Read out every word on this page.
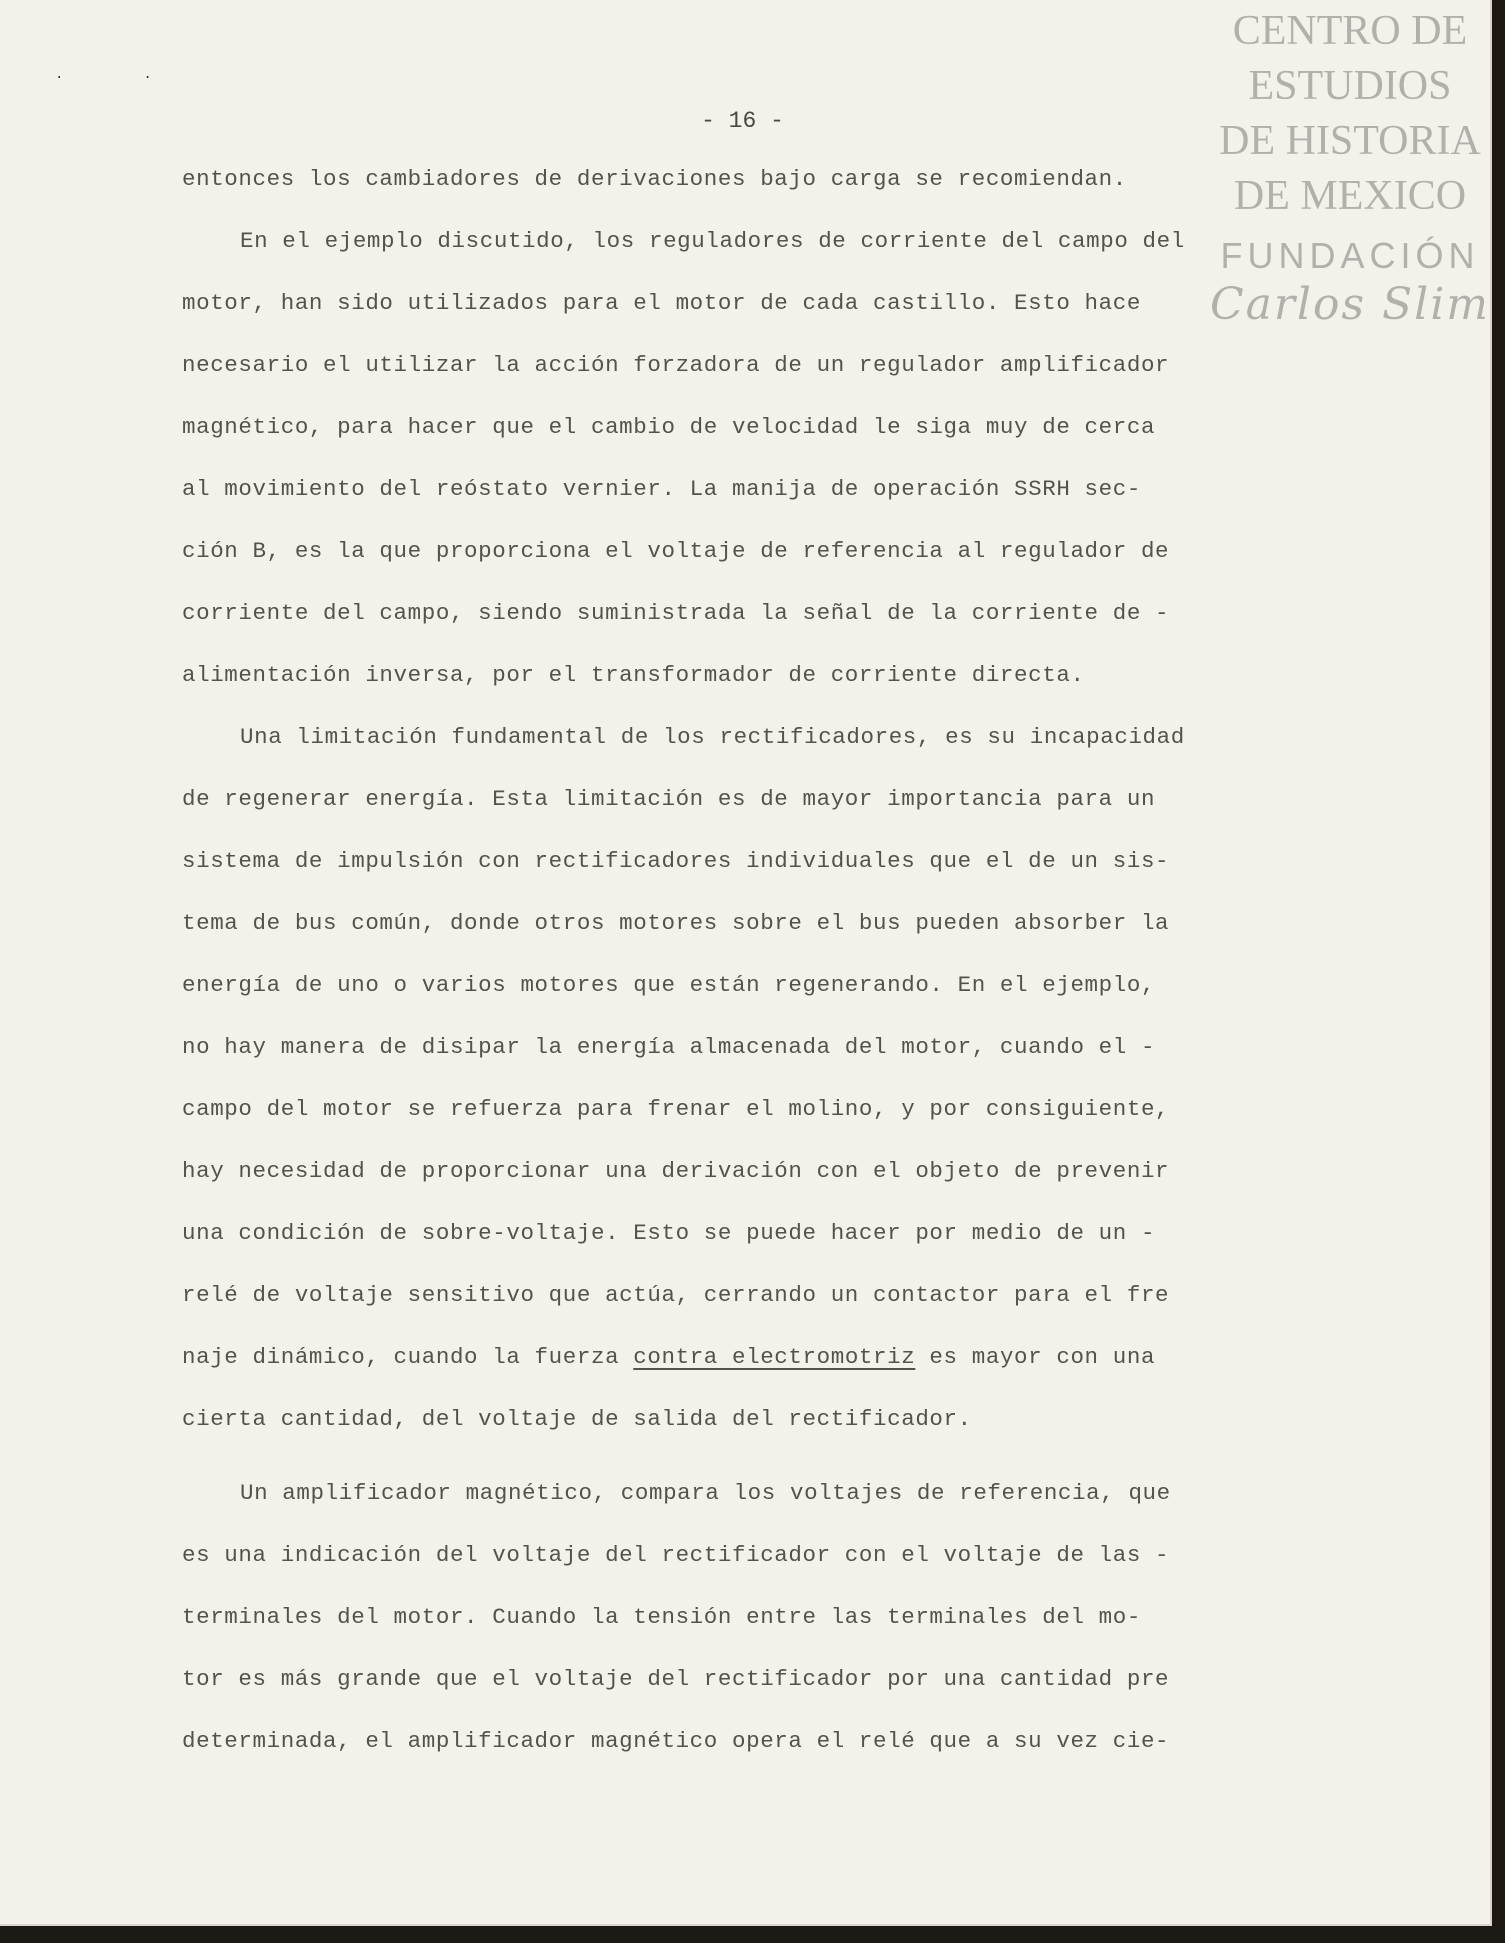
··
CENTRO DE
ESTUDIOS
DE HISTORIA
DE MEXICO
FUNDACIÓN
Carlos Slim
- 16 -
entonces los cambiadores de derivaciones bajo carga se recomiendan.
En el ejemplo discutido, los reguladores de corriente del campo del
motor, han sido utilizados para el motor de cada castillo. Esto hace
necesario el utilizar la acción forzadora de un regulador amplificador
magnético, para hacer que el cambio de velocidad le siga muy de cerca
al movimiento del reóstato vernier. La manija de operación SSRH sec-
ción B, es la que proporciona el voltaje de referencia al regulador de
corriente del campo, siendo suministrada la señal de la corriente de -
alimentación inversa, por el transformador de corriente directa.
Una limitación fundamental de los rectificadores, es su incapacidad
de regenerar energía. Esta limitación es de mayor importancia para un
sistema de impulsión con rectificadores individuales que el de un sis-
tema de bus común, donde otros motores sobre el bus pueden absorber la
energía de uno o varios motores que están regenerando. En el ejemplo,
no hay manera de disipar la energía almacenada del motor, cuando el -
campo del motor se refuerza para frenar el molino, y por consiguiente,
hay necesidad de proporcionar una derivación con el objeto de prevenir
una condición de sobre-voltaje. Esto se puede hacer por medio de un -
relé de voltaje sensitivo que actúa, cerrando un contactor para el fre
naje dinámico, cuando la fuerza contra electromotriz es mayor con una
cierta cantidad, del voltaje de salida del rectificador.
Un amplificador magnético, compara los voltajes de referencia, que
es una indicación del voltaje del rectificador con el voltaje de las -
terminales del motor. Cuando la tensión entre las terminales del mo-
tor es más grande que el voltaje del rectificador por una cantidad pre
determinada, el amplificador magnético opera el relé que a su vez cie-
